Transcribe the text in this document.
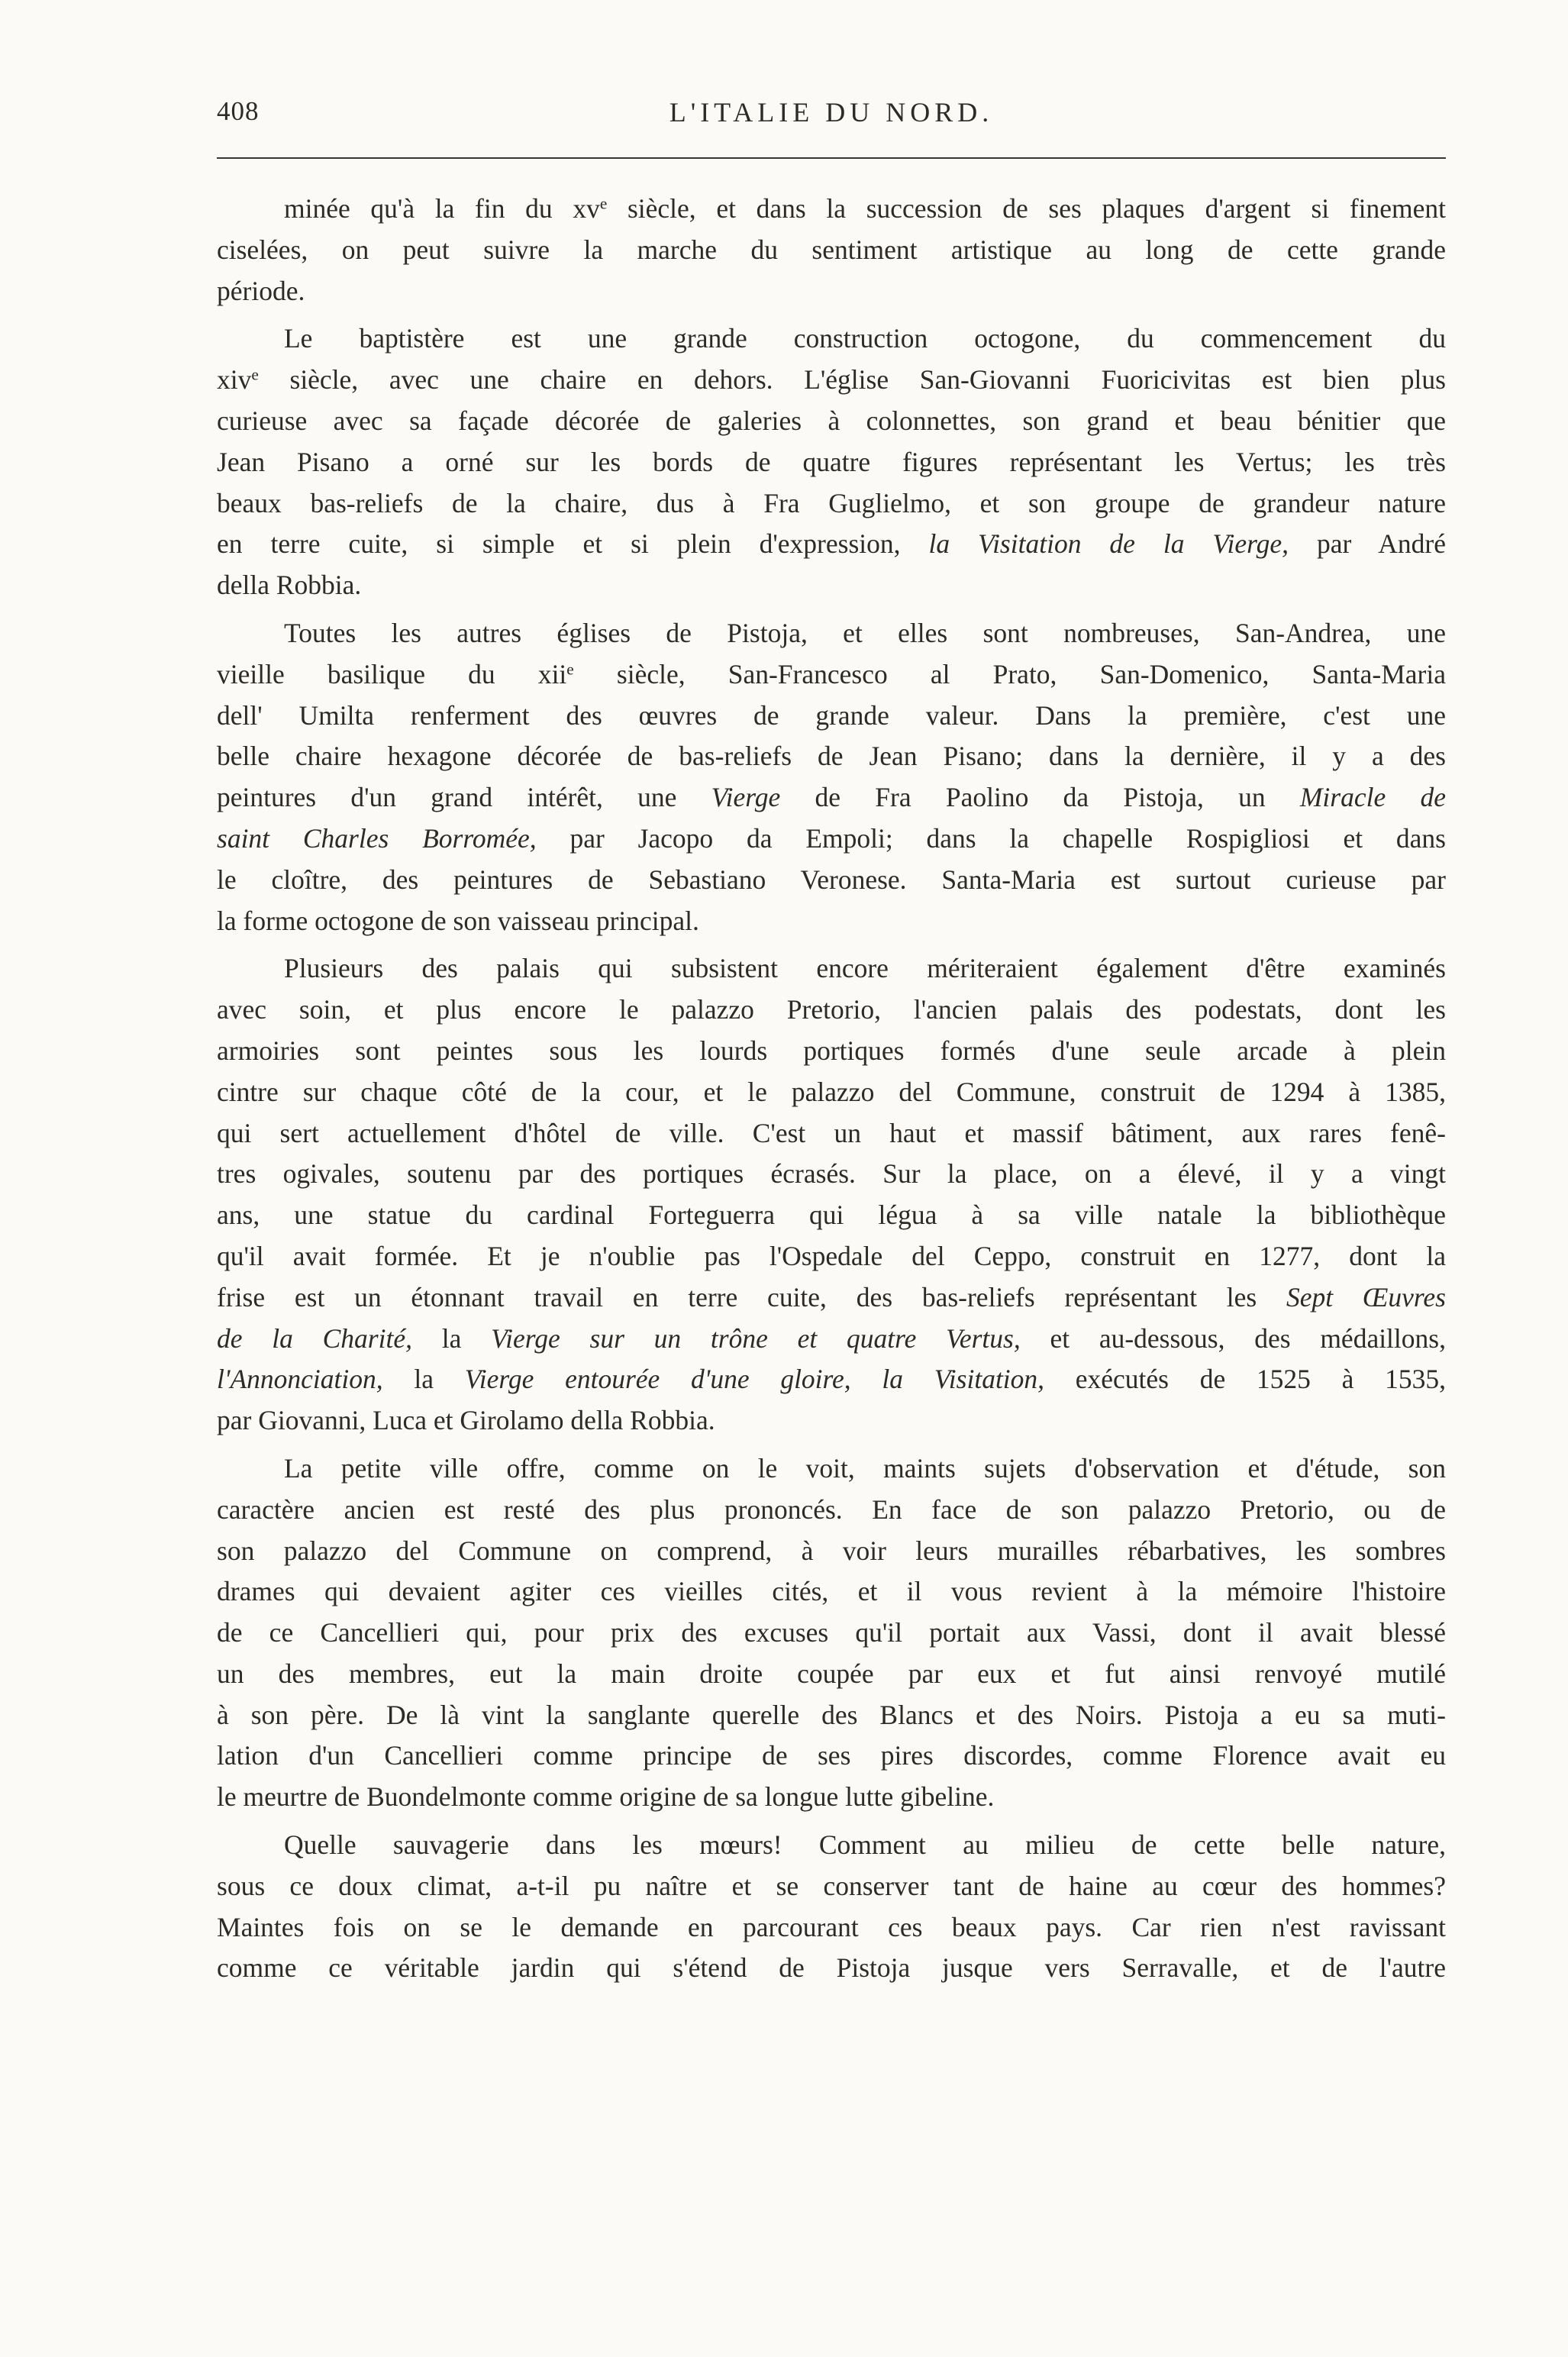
408	L'ITALIE DU NORD.

minée qu'à la fin du $xv^e$ siècle, et dans la succession de ses plaques d'argent si finement
ciselées, on peut suivre la marche du sentiment artistique au long de cette grande
période.

Le baptistère est une grande construction octogone, du commencement du
xiv$^e$ siècle, avec une chaire en dehors. L'église San-Giovanni Fuoricivitas est bien plus
curieuse avec sa façade décorée de galeries à colonnettes, son grand et beau bénitier que
Jean Pisano a orné sur les bords de quatre figures représentant les Vertus; les très
beaux bas-reliefs de la chaire, dus à Fra Guglielmo, et son groupe de grandeur nature
en terre cuite, si simple et si plein d'expression, la Visitation de la Vierge, par André
della Robbia.

Toutes les autres églises de Pistoja, et elles sont nombreuses, San-Andrea, une
vieille basilique du xii$^e$ siècle, San-Francesco al Prato, San-Domenico, Santa-Maria
dell' Umilta renferment des œuvres de grande valeur. Dans la première, c'est une
belle chaire hexagone décorée de bas-reliefs de Jean Pisano; dans la dernière, il y a des
peintures d'un grand intérêt, une Vierge de Fra Paolino da Pistoja, un Miracle de
saint Charles Borromée, par Jacopo da Empoli; dans la chapelle Rospigliosi et dans
le cloître, des peintures de Sebastiano Veronese. Santa-Maria est surtout curieuse par
la forme octogone de son vaisseau principal.

Plusieurs des palais qui subsistent encore mériteraient également d'être examinés
avec soin, et plus encore le palazzo Pretorio, l'ancien palais des podestats, dont les
armoiries sont peintes sous les lourds portiques formés d'une seule arcade à plein
cintre sur chaque côté de la cour, et le palazzo del Commune, construit de 1294 à 1385,
qui sert actuellement d'hôtel de ville. C'est un haut et massif bâtiment, aux rares fenê-
tres ogivales, soutenu par des portiques écrasés. Sur la place, on a élevé, il y a vingt
ans, une statue du cardinal Forteguerra qui légua à sa ville natale la bibliothèque
qu'il avait formée. Et je n'oublie pas l'Ospedale del Ceppo, construit en 1277, dont la
frise est un étonnant travail en terre cuite, des bas-reliefs représentant les Sept Œuvres
de la Charité, la Vierge sur un trône et quatre Vertus, et au-dessous, des médaillons,
l'Annonciation, la Vierge entourée d'une gloire, la Visitation, exécutés de 1525 à 1535,
par Giovanni, Luca et Girolamo della Robbia.

La petite ville offre, comme on le voit, maints sujets d'observation et d'étude, son
caractère ancien est resté des plus prononcés. En face de son palazzo Pretorio, ou de
son palazzo del Commune on comprend, à voir leurs murailles rébarbatives, les sombres
drames qui devaient agiter ces vieilles cités, et il vous revient à la mémoire l'histoire
de ce Cancellieri qui, pour prix des excuses qu'il portait aux Vassi, dont il avait blessé
un des membres, eut la main droite coupée par eux et fut ainsi renvoyé mutilé
à son père. De là vint la sanglante querelle des Blancs et des Noirs. Pistoja a eu sa muti-
lation d'un Cancellieri comme principe de ses pires discordes, comme Florence avait eu
le meurtre de Buondelmonte comme origine de sa longue lutte gibeline.

Quelle sauvagerie dans les mœurs! Comment au milieu de cette belle nature,
sous ce doux climat, a-t-il pu naître et se conserver tant de haine au cœur des hommes?
Maintes fois on se le demande en parcourant ces beaux pays. Car rien n'est ravissant
comme ce véritable jardin qui s'étend de Pistoja jusque vers Serravalle, et de l'autre
